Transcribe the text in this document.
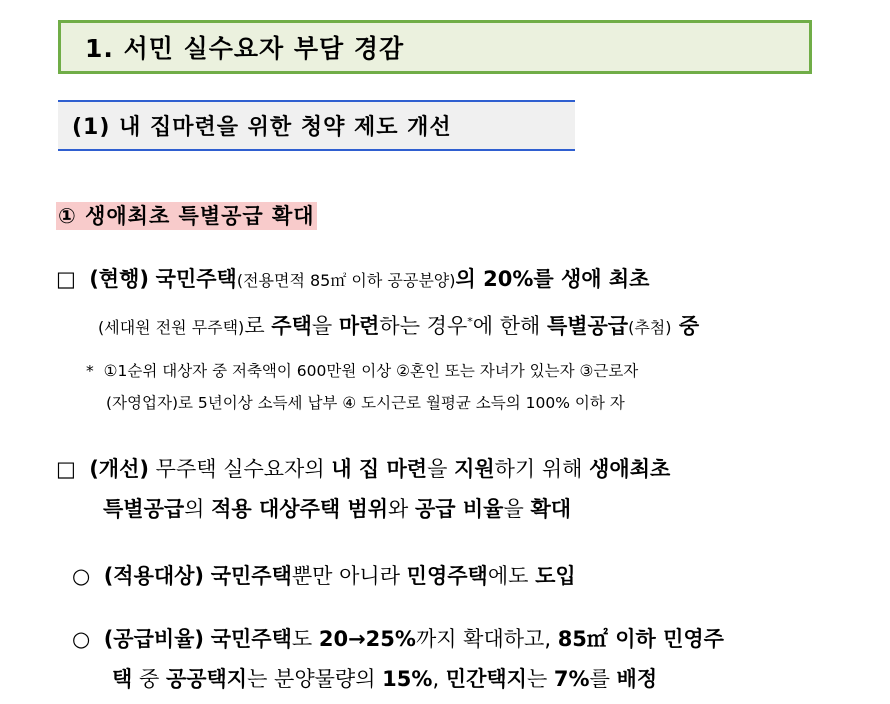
1. 서민 실수요자 부담 경감
(1) 내 집마련을 위한 청약 제도 개선
① 생애최초 특별공급 확대
□ (현행) 국민주택(전용면적 85㎡ 이하 공공분양)의 20%를 생애 최초
(세대원 전원 무주택)로 주택을 마련하는 경우*에 한해 특별공급(추첨) 중
* ①1순위 대상자 중 저축액이 600만원 이상 ②혼인 또는 자녀가 있는자 ③근로자
(자영업자)로 5년이상 소득세 납부 ④ 도시근로 월평균 소득의 100% 이하 자
□ (개선) 무주택 실수요자의 내 집 마련을 지원하기 위해 생애최초
특별공급의 적용 대상주택 범위와 공급 비율을 확대
○ (적용대상) 국민주택뿐만 아니라 민영주택에도 도입
○ (공급비율) 국민주택도 20→25%까지 확대하고, 85㎡ 이하 민영주
택 중 공공택지는 분양물량의 15%, 민간택지는 7%를 배정
